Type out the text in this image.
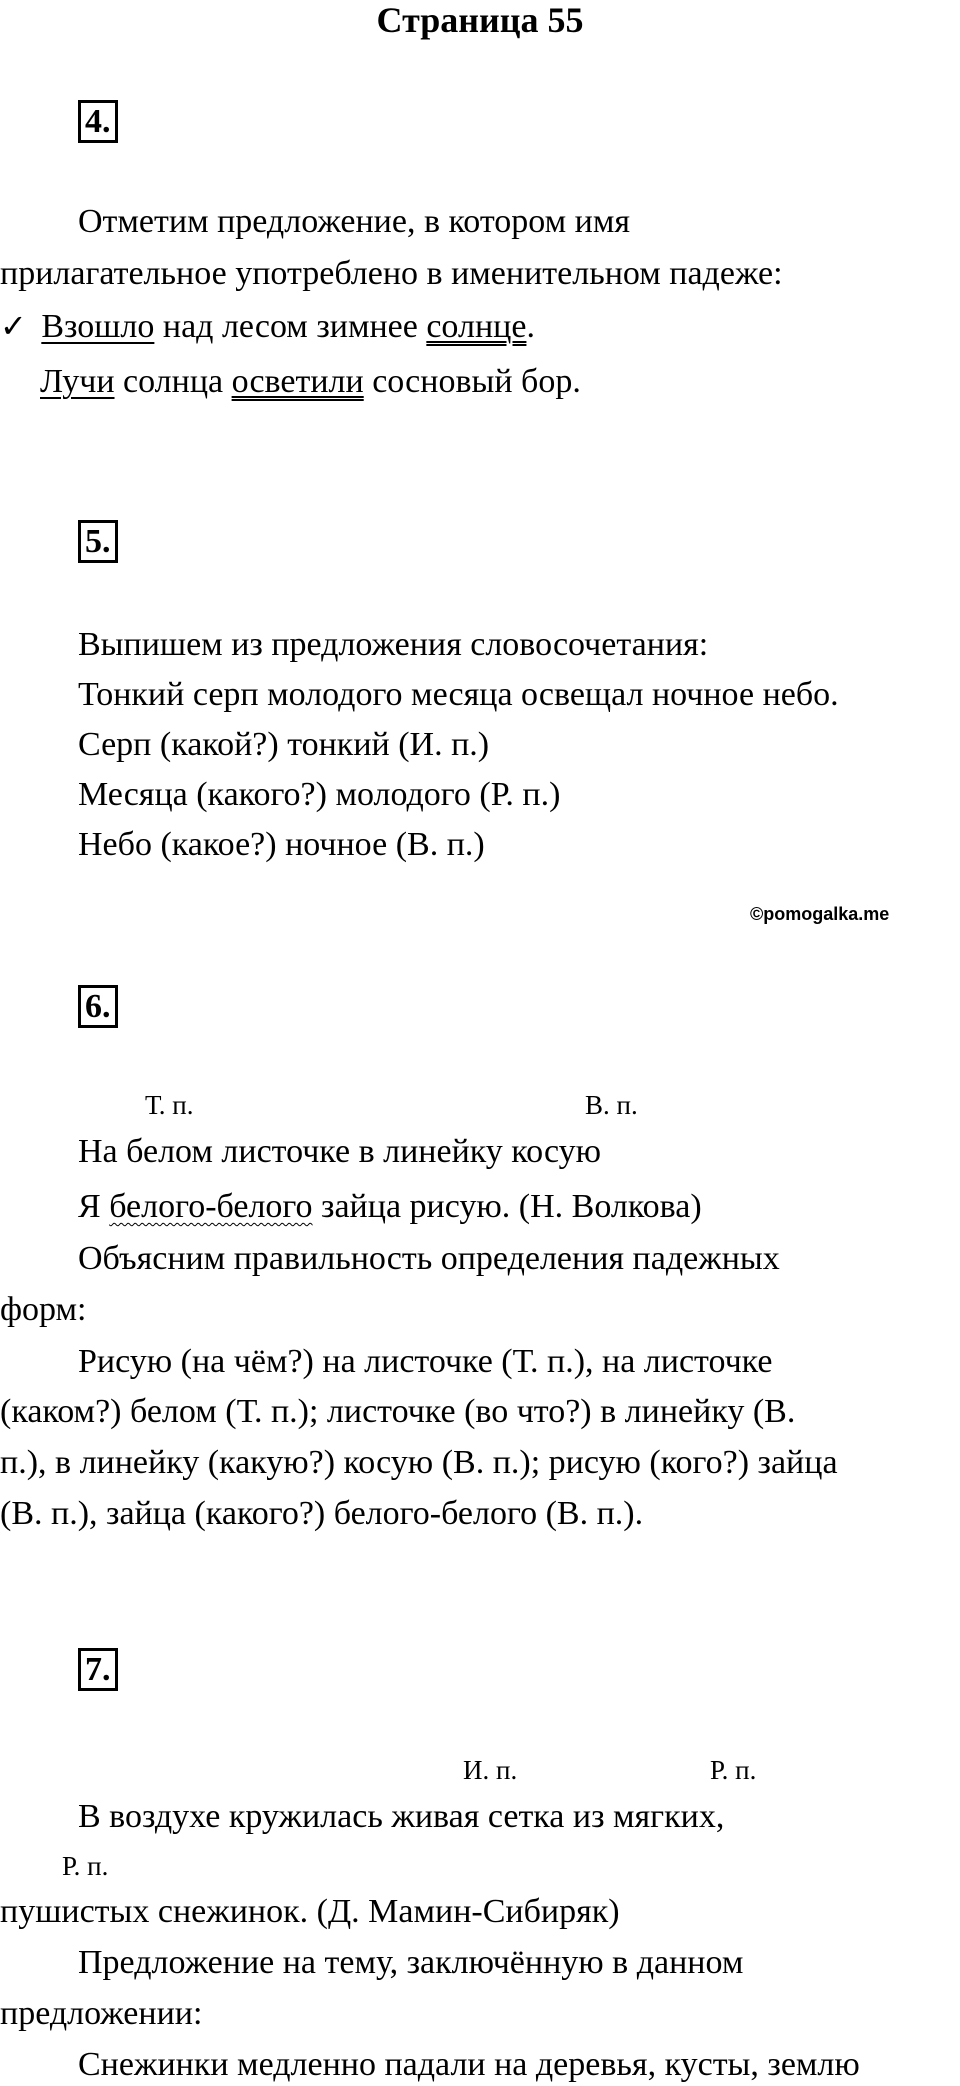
Страница 55
4.
Отметим предложение, в котором имя
прилагательное употреблено в именительном падеже:
✓ Взошло над лесом зимнее солнце.
Лучи солнца осветили сосновый бор.
5.
Выпишем из предложения словосочетания:
Тонкий серп молодого месяца освещал ночное небо.
Серп (какой?) тонкий (И. п.)
Месяца (какого?) молодого (Р. п.)
Небо (какое?) ночное (В. п.)
©pomogalka.me
6.
Т. п.	В. п.
На белом листочке в линейку косую
Я белого-белого зайца рисую. (Н. Волкова)
Объясним правильность определения падежных
форм:
Рисую (на чём?) на листочке (Т. п.), на листочке
(каком?) белом (Т. п.); листочке (во что?) в линейку (В.
п.), в линейку (какую?) косую (В. п.); рисую (кого?) зайца
(В. п.), зайца (какого?) белого-белого (В. п.).
7.
И. п.	Р. п.
В воздухе кружилась живая сетка из мягких,
Р. п.
пушистых снежинок. (Д. Мамин-Сибиряк)
Предложение на тему, заключённую в данном
предложении:
Снежинки медленно падали на деревья, кусты, землю
